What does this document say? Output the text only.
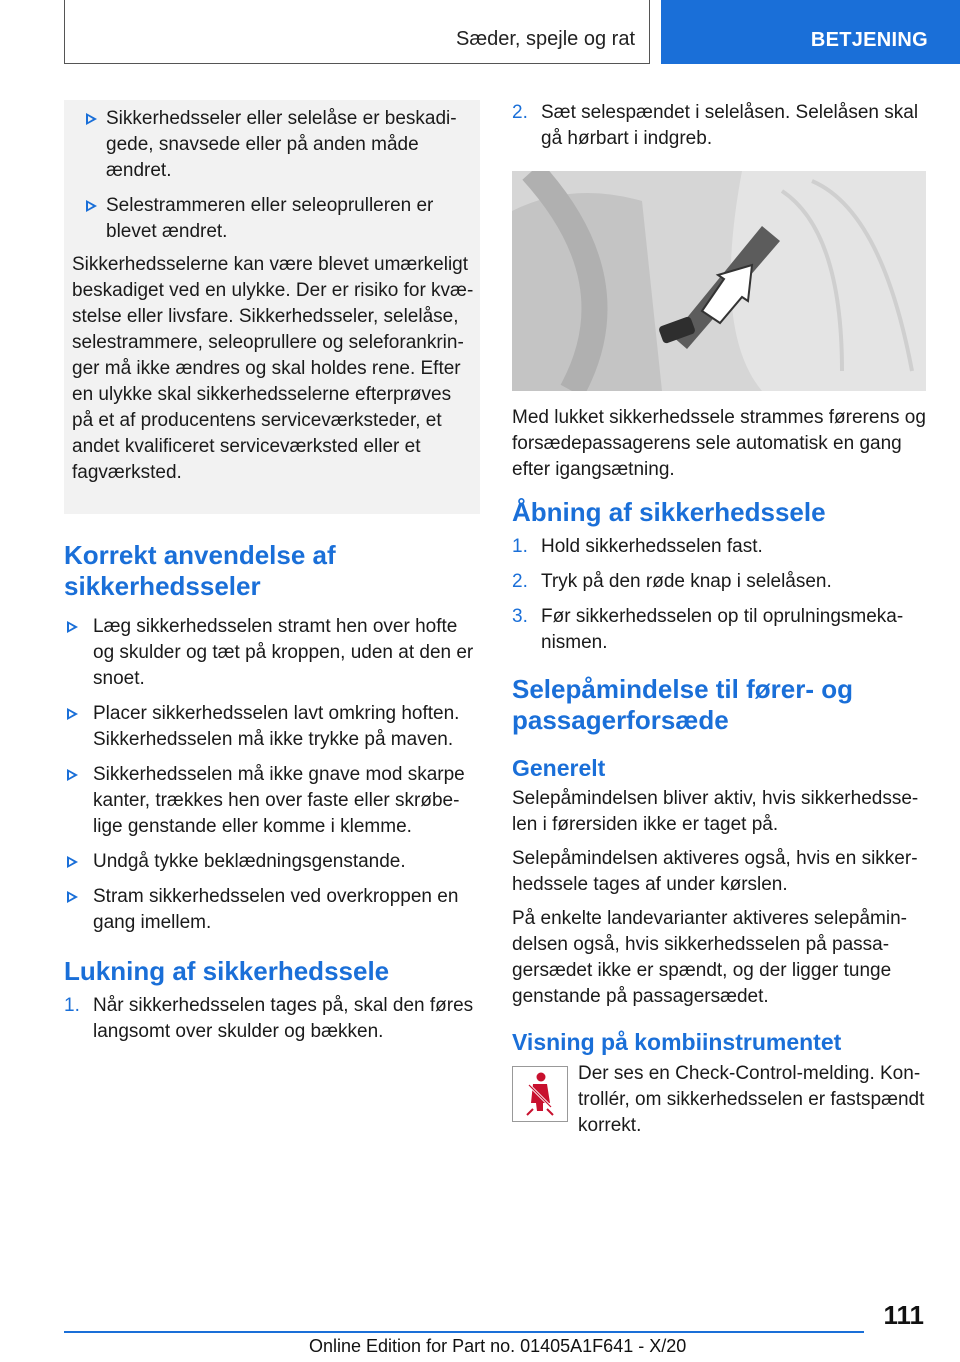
Sæder, spejle og rat	BETJENING
Sikkerhedsseler eller selelåse er beskadigede, snavsede eller på anden måde ændret.
Selestrammeren eller seleoprulleren er blevet ændret.

Sikkerhedsselerne kan være blevet umærkeligt beskadiget ved en ulykke. Der er risiko for kvæstelse eller livsfare. Sikkerhedsseler, selelåse, selestrammere, seleoprullere og seleforankringer må ikke ændres og skal holdes rene. Efter en ulykke skal sikkerhedsselerne efterprøves på et af producentens serviceværksteder, et andet kvalificeret serviceværksted eller et fagværksted.

Korrekt anvendelse af sikkerhedsseler
Læg sikkerhedsselen stramt hen over hofte og skulder og tæt på kroppen, uden at den er snoet.
Placer sikkerhedsselen lavt omkring hoften. Sikkerhedsselen må ikke trykke på maven.
Sikkerhedsselen må ikke gnave mod skarpe kanter, trækkes hen over faste eller skrøbelige genstande eller komme i klemme.
Undgå tykke beklædningsgenstande.
Stram sikkerhedsselen ved overkroppen en gang imellem.
Lukning af sikkerhedssele
1. Når sikkerhedsselen tages på, skal den føres langsomt over skulder og bækken.
2. Sæt selespændet i selelåsen. Selelåsen skal gå hørbart i indgreb.

Med lukket sikkerhedssele strammes førerens og forsædepassagerens sele automatisk en gang efter igangsætning.

Åbning af sikkerhedssele
1. Hold sikkerhedsselen fast.
2. Tryk på den røde knap i selelåsen.
3. Før sikkerhedsselen op til oprulningsmekanismen.
Selepåmindelse til fører- og passagerforsæde
Generelt

Selepåmindelsen bliver aktiv, hvis sikkerhedsselen i førersiden ikke er taget på.

Selepåmindelsen aktiveres også, hvis en sikkerhedssele tages af under kørslen.

På enkelte landevarianter aktiveres selepåmindelsen også, hvis sikkerhedsselen på passagersædet ikke er spændt, og der ligger tunge genstande på passagersædet.

Visning på kombiinstrumentet

Der ses en Check-Control-melding. Kontrollér, om sikkerhedsselen er fastspændt korrekt.

111
Online Edition for Part no. 01405A1F641 - X/20
